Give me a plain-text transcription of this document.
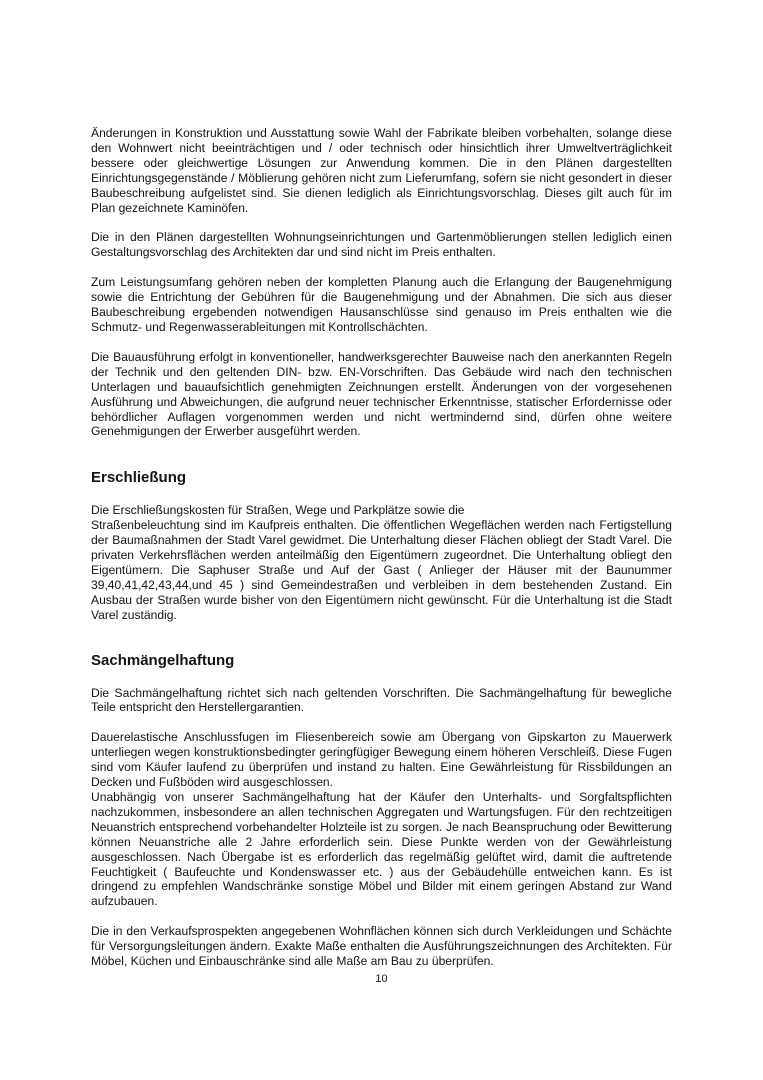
Änderungen in Konstruktion und Ausstattung sowie Wahl der Fabrikate bleiben vorbehalten, solange diese den Wohnwert nicht beeinträchtigen und / oder technisch oder hinsichtlich ihrer Umweltverträglichkeit bessere oder gleichwertige Lösungen zur Anwendung kommen. Die in den Plänen dargestellten Einrichtungsgegenstände / Möblierung gehören nicht zum Lieferumfang, sofern sie nicht gesondert in dieser Baubeschreibung aufgelistet sind. Sie dienen lediglich als Einrichtungsvorschlag. Dieses gilt auch für im Plan gezeichnete Kaminöfen.

Die in den Plänen dargestellten Wohnungseinrichtungen und Gartenmöblierungen stellen lediglich einen Gestaltungsvorschlag des Architekten dar und sind nicht im Preis enthalten.

Zum Leistungsumfang gehören neben der kompletten Planung auch die Erlangung der Baugenehmigung sowie die Entrichtung der Gebühren für die Baugenehmigung und der Abnahmen. Die sich aus dieser Baubeschreibung ergebenden notwendigen Hausanschlüsse sind genauso im Preis enthalten wie die Schmutz- und Regenwasserableitungen mit Kontrollschächten.

Die Bauausführung erfolgt in konventioneller, handwerksgerechter Bauweise nach den anerkannten Regeln der Technik und den geltenden DIN- bzw. EN-Vorschriften. Das Gebäude wird nach den technischen Unterlagen und bauaufsichtlich genehmigten Zeichnungen erstellt. Änderungen von der vorgesehenen Ausführung und Abweichungen, die aufgrund neuer technischer Erkenntnisse, statischer Erfordernisse oder behördlicher Auflagen vorgenommen werden und nicht wertmindernd sind, dürfen ohne weitere Genehmigungen der Erwerber ausgeführt werden.

Erschließung

Die Erschließungskosten für Straßen, Wege und Parkplätze sowie die

Straßenbeleuchtung sind im Kaufpreis enthalten. Die öffentlichen Wegeflächen werden nach Fertigstellung der Baumaßnahmen der Stadt Varel gewidmet. Die Unterhaltung dieser Flächen obliegt der Stadt Varel. Die privaten Verkehrsflächen werden anteilmäßig den Eigentümern zugeordnet. Die Unterhaltung obliegt den Eigentümern. Die Saphuser Straße und Auf der Gast ( Anlieger der Häuser mit der Baunummer 39,40,41,42,43,44,und 45 ) sind Gemeindestraßen und verbleiben in dem bestehenden Zustand. Ein Ausbau der Straßen wurde bisher von den Eigentümern nicht gewünscht. Für die Unterhaltung ist die Stadt Varel zuständig.

Sachmängelhaftung

Die Sachmängelhaftung richtet sich nach geltenden Vorschriften. Die Sachmängelhaftung für bewegliche Teile entspricht den Herstellergarantien.

Dauerelastische Anschlussfugen im Fliesenbereich sowie am Übergang von Gipskarton zu Mauerwerk unterliegen wegen konstruktionsbedingter geringfügiger Bewegung einem höheren Verschleiß. Diese Fugen sind vom Käufer laufend zu überprüfen und instand zu halten. Eine Gewährleistung für Rissbildungen an Decken und Fußböden wird ausgeschlossen.

Unabhängig von unserer Sachmängelhaftung hat der Käufer den Unterhalts- und Sorgfaltspflichten nachzukommen, insbesondere an allen technischen Aggregaten und Wartungsfugen. Für den rechtzeitigen Neuanstrich entsprechend vorbehandelter Holzteile ist zu sorgen. Je nach Beanspruchung oder Bewitterung können Neuanstriche alle 2 Jahre erforderlich sein. Diese Punkte werden von der Gewährleistung ausgeschlossen. Nach Übergabe ist es erforderlich das regelmäßig gelüftet wird, damit die auftretende Feuchtigkeit ( Baufeuchte und Kondenswasser etc. ) aus der Gebäudehülle entweichen kann. Es ist dringend zu empfehlen Wandschränke sonstige Möbel und Bilder mit einem geringen Abstand zur Wand aufzubauen.

Die in den Verkaufsprospekten angegebenen Wohnflächen können sich durch Verkleidungen und Schächte für Versorgungsleitungen ändern. Exakte Maße enthalten die Ausführungszeichnungen des Architekten. Für Möbel, Küchen und Einbauschränke sind alle Maße am Bau zu überprüfen.

10
